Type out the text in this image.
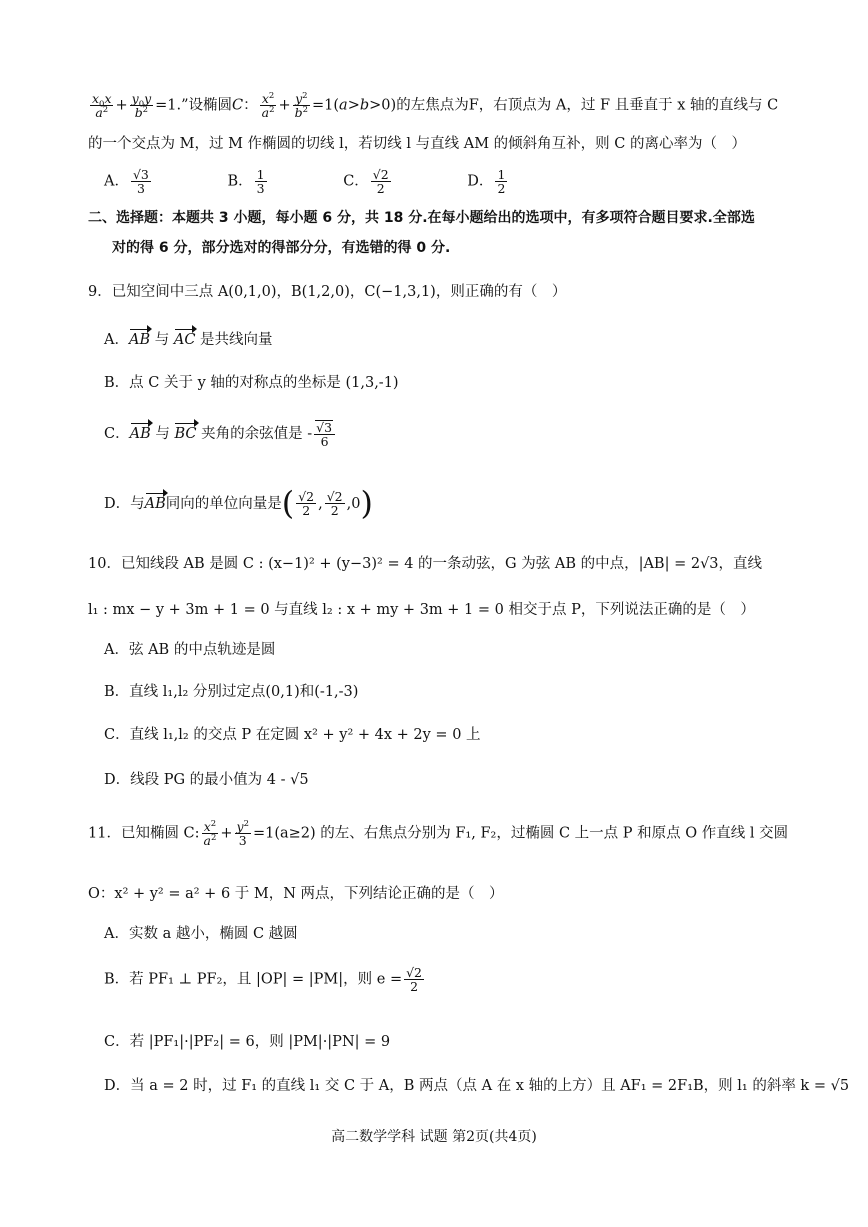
$\frac{x_0x}{a^2} + \frac{y_0y}{b^2} =1$.”设椭圆C： $\frac{x^2}{a^2} + \frac{y^2}{b^2} =1(a>b>0)$的左焦点为F，右顶点为 A，过 F 且垂直于 x 轴的直线与 C
的一个交点为 M，过 M 作椭圆的切线 l，若切线 l 与直线 AM 的倾斜角互补，则 C 的离心率为（　）
A． $\frac{√3}{3}$	B． $\frac{1}{3}$	C． $\frac{√2}{2}$	D． $\frac{1}{2}$
二、选择题：本题共 3 小题，每小题 6 分，共 18 分.在每小题给出的选项中，有多项符合题目要求.全部选
对的得 6 分，部分选对的得部分分，有选错的得 0 分.
9．已知空间中三点 A(0,1,0)，B(1,2,0)，C(−1,3,1)，则正确的有（　）
A．AB 与 AC 是共线向量
B．点 C 关于 y 轴的对称点的坐标是 (1,3,-1)
C．AB 与 BC 夹角的余弦值是 - $\frac{√3}{6}$
D．与AB同向的单位向量是( $\frac{√2}{2}$ , $\frac{√2}{2} ,0$)
10．已知线段 AB 是圆 C : (x−1)² + (y−3)² = 4 的一条动弦，G 为弦 AB 的中点，|AB| = 2√3，直线
l₁ : mx − y + 3m + 1 = 0 与直线 l₂ : x + my + 3m + 1 = 0 相交于点 P，下列说法正确的是（　）
A．弦 AB 的中点轨迹是圆
B．直线 l₁,l₂ 分别过定点(0,1)和(-1,-3)
C．直线 l₁,l₂ 的交点 P 在定圆 x² + y² + 4x + 2y = 0 上
D．线段 PG 的最小值为 4 - √5
11．已知椭圆 C: $\frac{x^2}{a^2} + \frac{y^2}{3} =1(a\ge 2)$ 的左、右焦点分别为 F₁, F₂，过椭圆 C 上一点 P 和原点 O 作直线 l 交圆
O：x² + y² = a² + 6 于 M，N 两点，下列结论正确的是（　）
A．实数 a 越小，椭圆 C 越圆
B．若 PF₁ ⊥ PF₂，且 |OP| = |PM|，则 $e = \frac{√2}{2}$
C．若 |PF₁|·|PF₂| = 6，则 |PM|·|PN| = 9
D．当 a = 2 时，过 F₁ 的直线 l₁ 交 C 于 A，B 两点（点 A 在 x 轴的上方）且 AF₁ = 2F₁B，则 l₁ 的斜率 k = √5
高二数学学科 试题 第2页(共4页)
